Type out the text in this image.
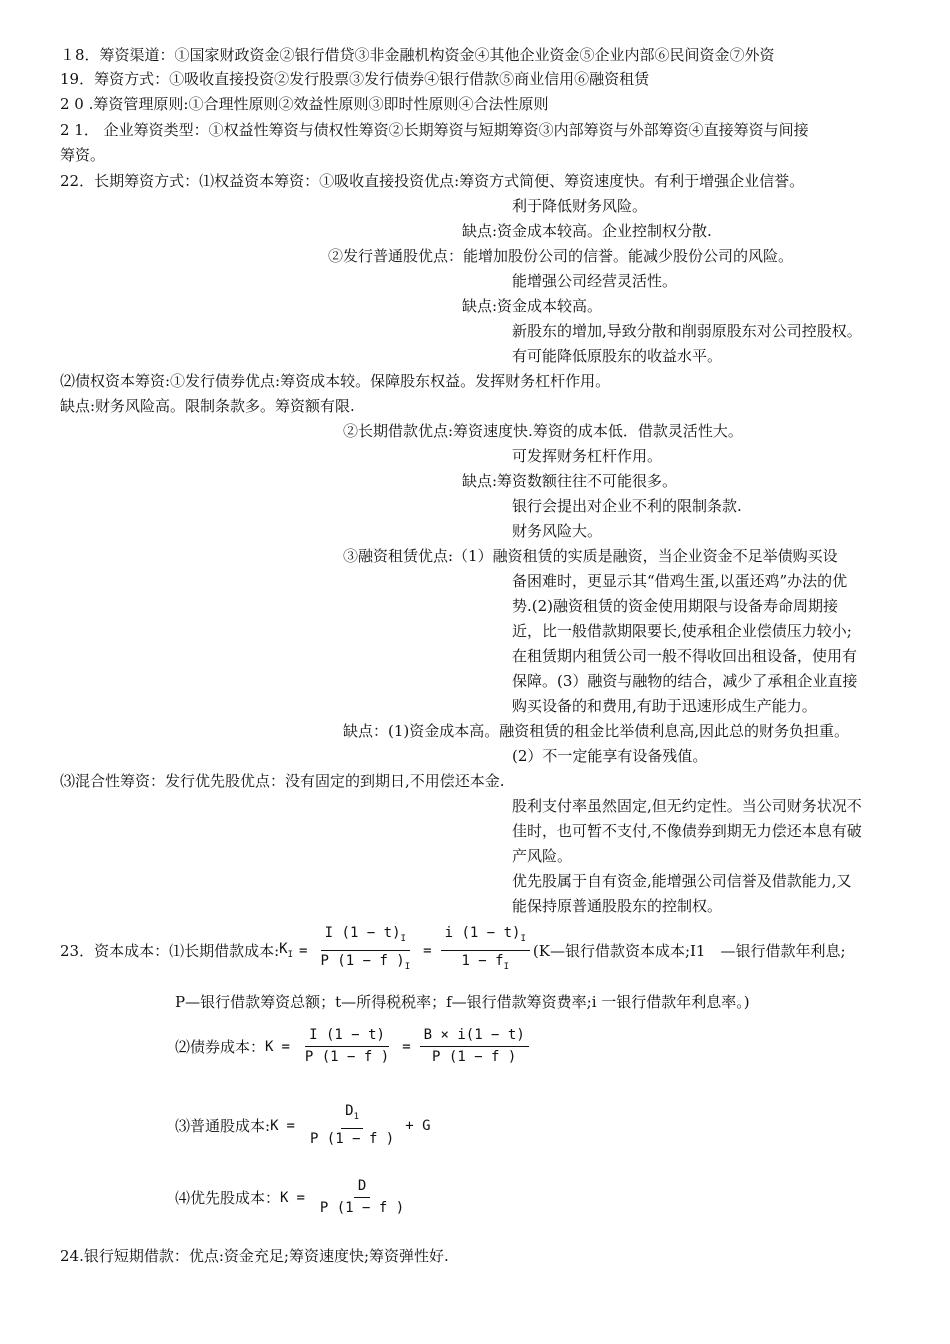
１8．筹资渠道：①国家财政资金②银行借贷③非金融机构资金④其他企业资金⑤企业内部⑥民间资金⑦外资
19．筹资方式：①吸收直接投资②发行股票③发行债券④银行借款⑤商业信用⑥融资租赁
2 0 .筹资管理原则:①合理性原则②效益性原则③即时性原则④合法性原则
2 1． 企业筹资类型：①权益性筹资与债权性筹资②长期筹资与短期筹资③内部筹资与外部筹资④直接筹资与间接
筹资。
22．长期筹资方式：⑴权益资本筹资：①吸收直接投资优点:筹资方式简便、筹资速度快。有利于增强企业信誉。
利于降低财务风险。
缺点:资金成本较高。企业控制权分散.
②发行普通股优点：能增加股份公司的信誉。能减少股份公司的风险。
能增强公司经营灵活性。
缺点:资金成本较高。
新股东的增加,导致分散和削弱原股东对公司控股权。
有可能降低原股东的收益水平。
⑵债权资本筹资:①发行债券优点:筹资成本较。保障股东权益。发挥财务杠杆作用。
缺点:财务风险高。限制条款多。筹资额有限.
②长期借款优点:筹资速度快.筹资的成本低．借款灵活性大。
可发挥财务杠杆作用。
缺点:筹资数额往往不可能很多。
银行会提出对企业不利的限制条款.
财务风险大。
③融资租赁优点:（1）融资租赁的实质是融资，当企业资金不足举债购买设
备困难时，更显示其“借鸡生蛋,以蛋还鸡”办法的优
势.(2)融资租赁的资金使用期限与设备寿命周期接
近，比一般借款期限要长,使承租企业偿债压力较小;
在租赁期内租赁公司一般不得收回出租设备，使用有
保障。(3）融资与融物的结合，减少了承租企业直接
购买设备的和费用,有助于迅速形成生产能力。
缺点：(1)资金成本高。融资租赁的租金比举债利息高,因此总的财务负担重。
(2）不一定能享有设备残值。
⑶混合性筹资：发行优先股优点：没有固定的到期日,不用偿还本金.
股利支付率虽然固定,但无约定性。当公司财务状况不
佳时，也可暂不支付,不像债券到期无力偿还本息有破
产风险。
优先股属于自有资金,能增强公司信誉及借款能力,又
能保持原普通股股东的控制权。
23．资本成本：⑴长期借款成本: $K_I = \frac{I (1 - t)_I}{P (1 - f )_I} = \frac{i (1 - t)_I}{1 - f_I}$ (K—银行借款资本成本;I1　—银行借款年利息;
P—银行借款筹资总额；t—所得税税率；f—银行借款筹资费率;i 一银行借款年利息率。)
⑵债券成本： $K = \frac{I (1 - t)}{P (1 - f )} = \frac{B \times i(1 - t)}{P (1 - f )}$
⑶普通股成本: $K = \frac{D_1}{P (1 - f )} + G$
⑷优先股成本： $K = \frac{D}{P (1 - f )}$
24.银行短期借款：优点:资金充足;筹资速度快;筹资弹性好.
